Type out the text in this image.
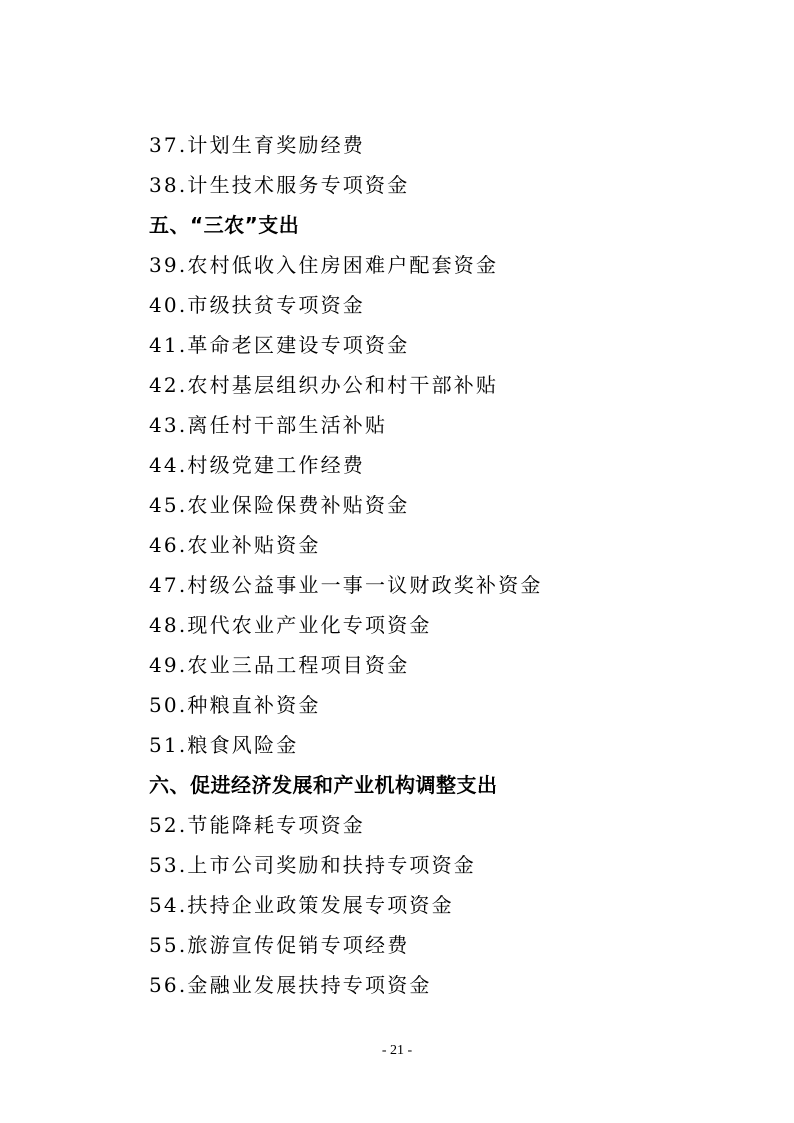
37.计划生育奖励经费
38.计生技术服务专项资金
五、“三农”支出
39.农村低收入住房困难户配套资金
40.市级扶贫专项资金
41.革命老区建设专项资金
42.农村基层组织办公和村干部补贴
43.离任村干部生活补贴
44.村级党建工作经费
45.农业保险保费补贴资金
46.农业补贴资金
47.村级公益事业一事一议财政奖补资金
48.现代农业产业化专项资金
49.农业三品工程项目资金
50.种粮直补资金
51.粮食风险金
六、促进经济发展和产业机构调整支出
52.节能降耗专项资金
53.上市公司奖励和扶持专项资金
54.扶持企业政策发展专项资金
55.旅游宣传促销专项经费
56.金融业发展扶持专项资金
- 21 -
